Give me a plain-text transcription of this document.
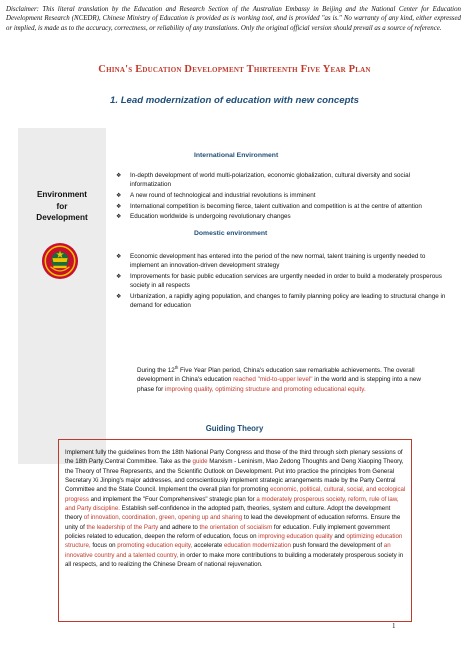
Disclaimer: This literal translation by the Education and Research Section of the Australian Embassy in Beijing and the National Center for Education Development Research (NCEDR), Chinese Ministry of Education is provided as is working tool, and is provided "as is." No warranty of any kind, either expressed or implied, is made as to the accuracy, correctness, or reliability of any translations. Only the original official version should prevail as a source of reference.
China's Education Development Thirteenth Five Year Plan
1. Lead modernization of education with new concepts
Environment
for
Development
International Environment
❖ In-depth development of world multi-polarization, economic globalization, cultural diversity and social informatization
❖ A new round of technological and industrial revolutions is imminent
❖ International competition is becoming fierce, talent cultivation and competition is at the centre of attention
❖ Education worldwide is undergoing revolutionary changes
Domestic environment
❖ Economic development has entered into the period of the new normal, talent training is urgently needed to implement an innovation-driven development strategy
❖ Improvements for basic public education services are urgently needed in order to build a moderately prosperous society in all respects
❖ Urbanization, a rapidly aging population, and changes to family planning policy are leading to structural change in demand for education
During the 12th Five Year Plan period, China's education saw remarkable achievements. The overall development in China's education reached "mid-to-upper level" in the world and is stepping into a new phase for improving quality, optimizing structure and promoting educational equity.
Guiding Theory
Implement fully the guidelines from the 18th National Party Congress and those of the third through sixth plenary sessions of the 18th Party Central Committee. Take as the guide Marxism - Leninism, Mao Zedong Thoughts and Deng Xiaoping Theory, the Theory of Three Represents, and the Scientific Outlook on Development. Put into practice the principles from General Secretary Xi Jinping's major addresses, and conscientiously implement strategic arrangements made by the Party Central Committee and the State Council. Implement the overall plan for promoting economic, political, cultural, social, and ecological progress and implement the "Four Comprehensives" strategic plan for a moderately prosperous society, reform, rule of law, and Party discipline. Establish self-confidence in the adopted path, theories, system and culture. Adopt the development theory of innovation, coordination, green, opening up and sharing to lead the development of education reforms. Ensure the unity of the leadership of the Party and adhere to the orientation of socialism for education. Fully implement government policies related to education, deepen the reform of education, focus on improving education quality and optimizing education structure, focus on promoting education equity, accelerate education modernization push forward the development of an innovative country and a talented country, in order to make more contributions to building a moderately prosperous society in all respects, and to realizing the Chinese Dream of national rejuvenation.
1
